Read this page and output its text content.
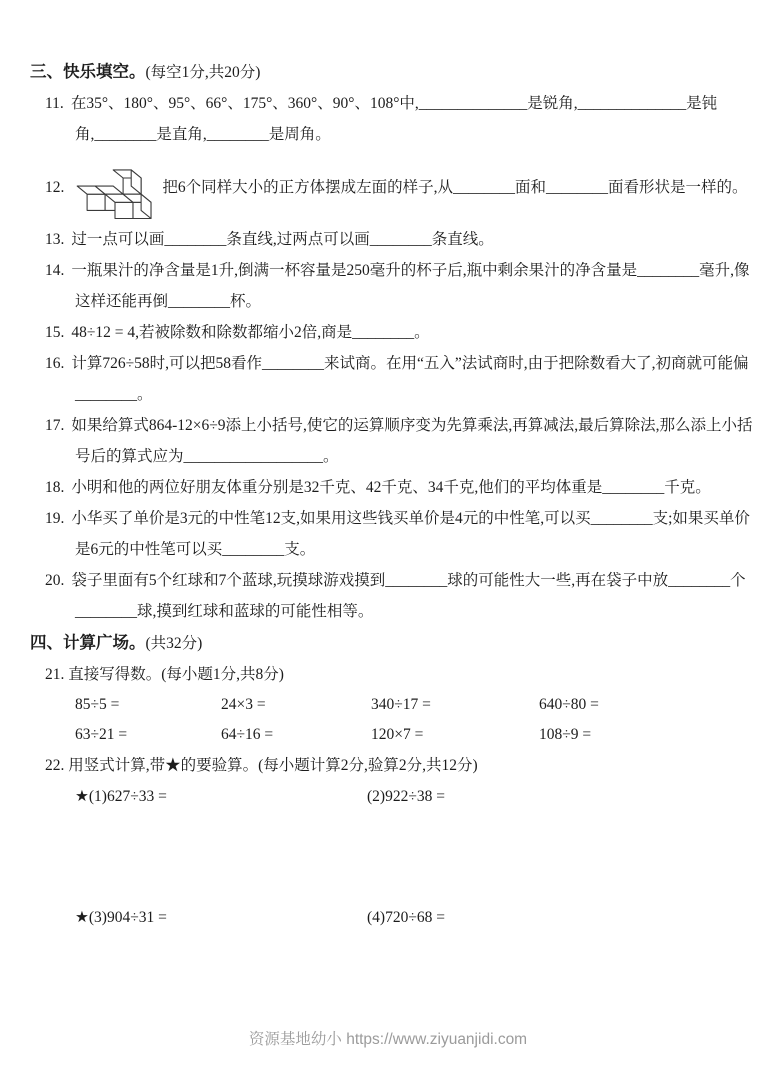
三、快乐填空。(每空1分,共20分)
11. 在35°、180°、95°、66°、175°、360°、90°、108°中,______________是锐角,______________是钝角,________是直角,________是周角。
12.	把6个同样大小的正方体摆成左面的样子,从________面和________面看形状是一样的。
13. 过一点可以画________条直线,过两点可以画________条直线。
14. 一瓶果汁的净含量是1升,倒满一杯容量是250毫升的杯子后,瓶中剩余果汁的净含量是________毫升,像这样还能再倒________杯。
15. 48÷12 = 4,若被除数和除数都缩小2倍,商是________。
16. 计算726÷58时,可以把58看作________来试商。在用“五入”法试商时,由于把除数看大了,初商就可能偏________。
17. 如果给算式864-12×6÷9添上小括号,使它的运算顺序变为先算乘法,再算减法,最后算除法,那么添上小括号后的算式应为__________________。
18. 小明和他的两位好朋友体重分别是32千克、42千克、34千克,他们的平均体重是________千克。
19. 小华买了单价是3元的中性笔12支,如果用这些钱买单价是4元的中性笔,可以买________支;如果买单价是6元的中性笔可以买________支。
20. 袋子里面有5个红球和7个蓝球,玩摸球游戏摸到________球的可能性大一些,再在袋子中放________个________球,摸到红球和蓝球的可能性相等。
四、计算广场。(共32分)
21. 直接写得数。(每小题1分,共8分)
85÷5 =	24×3 =	340÷17 =	640÷80 =
63÷21 =	64÷16 =	120×7 =	108÷9 =
22. 用竖式计算,带★的要验算。(每小题计算2分,验算2分,共12分)
★(1)627÷33 =	(2)922÷38 =
★(3)904÷31 =	(4)720÷68 =
资源基地幼小 https://www.ziyuanjidi.com
